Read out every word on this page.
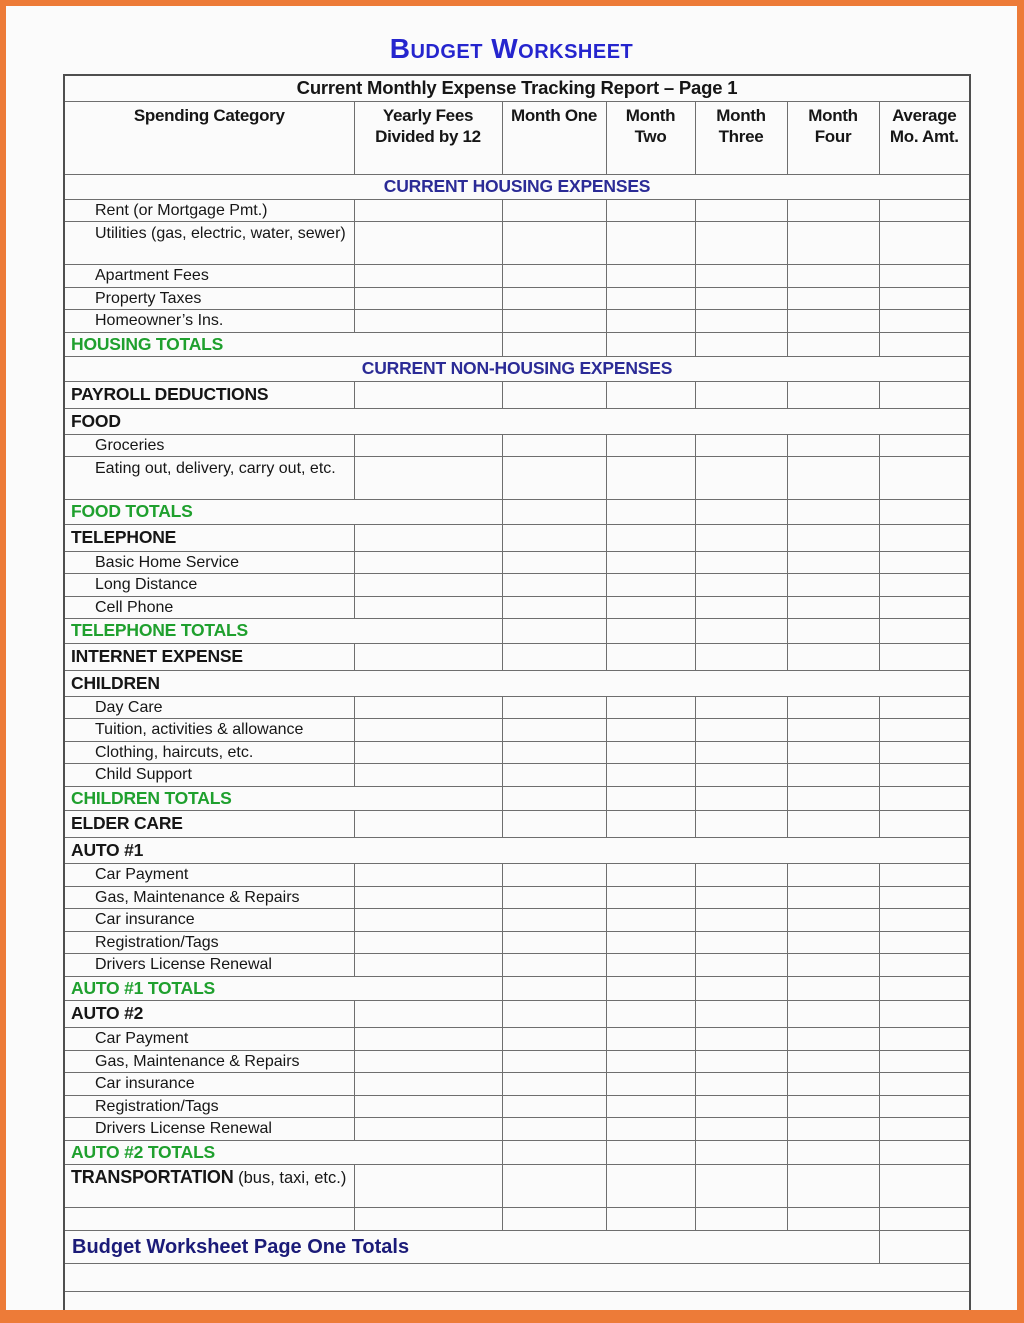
Budget Worksheet
Current Monthly Expense Tracking Report – Page 1						
Spending Category	Yearly Fees Divided by 12	Month One	Month Two	Month Three	Month Four	Average Mo. Amt.
CURRENT HOUSING EXPENSES						
Rent (or Mortgage Pmt.)						
Utilities (gas, electric, water, sewer)						
Apartment Fees						
Property Taxes						
Homeowner’s Ins.						
HOUSING TOTALS						
CURRENT NON-HOUSING EXPENSES						
PAYROLL DEDUCTIONS						
FOOD						
Groceries						
Eating out, delivery, carry out, etc.						
FOOD TOTALS						
TELEPHONE						
Basic Home Service						
Long Distance						
Cell Phone						
TELEPHONE TOTALS						
INTERNET EXPENSE						
CHILDREN						
Day Care						
Tuition, activities & allowance						
Clothing, haircuts, etc.						
Child Support						
CHILDREN TOTALS						
ELDER CARE						
AUTO #1						
Car Payment						
Gas, Maintenance & Repairs						
Car insurance						
Registration/Tags						
Drivers License Renewal						
AUTO #1 TOTALS						
AUTO #2						
Car Payment						
Gas, Maintenance & Repairs						
Car insurance						
Registration/Tags						
Drivers License Renewal						
AUTO #2 TOTALS						
TRANSPORTATION (bus, taxi, etc.)						

Budget Worksheet Page One Totals						
